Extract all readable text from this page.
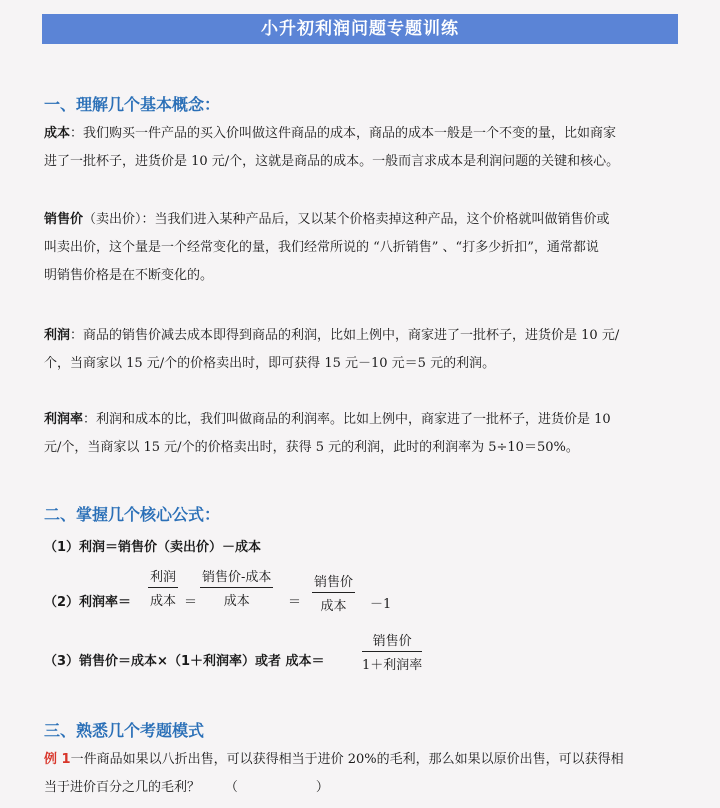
小升初利润问题专题训练
一、理解几个基本概念：
成本：我们购买一件产品的买入价叫做这件商品的成本，商品的成本一般是一个不变的量，比如商家
进了一批杯子，进货价是 10 元/个，这就是商品的成本。一般而言求成本是利润问题的关键和核心。
销售价（卖出价）：当我们进入某种产品后，又以某个价格卖掉这种产品，这个价格就叫做销售价或
叫卖出价，这个量是一个经常变化的量，我们经常所说的 “八折销售” 、“打多少折扣”，通常都说
明销售价格是在不断变化的。
利润：商品的销售价减去成本即得到商品的利润，比如上例中，商家进了一批杯子，进货价是 10 元/
个，当商家以 15 元/个的价格卖出时，即可获得 15 元－10 元＝5 元的利润。
利润率：利润和成本的比，我们叫做商品的利润率。比如上例中，商家进了一批杯子，进货价是 10
元/个，当商家以 15 元/个的价格卖出时，获得 5 元的利润，此时的利润率为 5÷10＝50%。
二、掌握几个核心公式：
（1）利润＝销售价（卖出价）－成本
（2）利润率＝
利润
成本 ＝
销售价-成本
成本	＝
销售价
成本	－1
（3）销售价＝成本×（1＋利润率）或者 成本＝
销售价
1＋利润率
三、熟悉几个考题模式
例 1一件商品如果以八折出售，可以获得相当于进价 20%的毛利，那么如果以原价出售，可以获得相
当于进价百分之几的毛利？ （　　　　　　）
